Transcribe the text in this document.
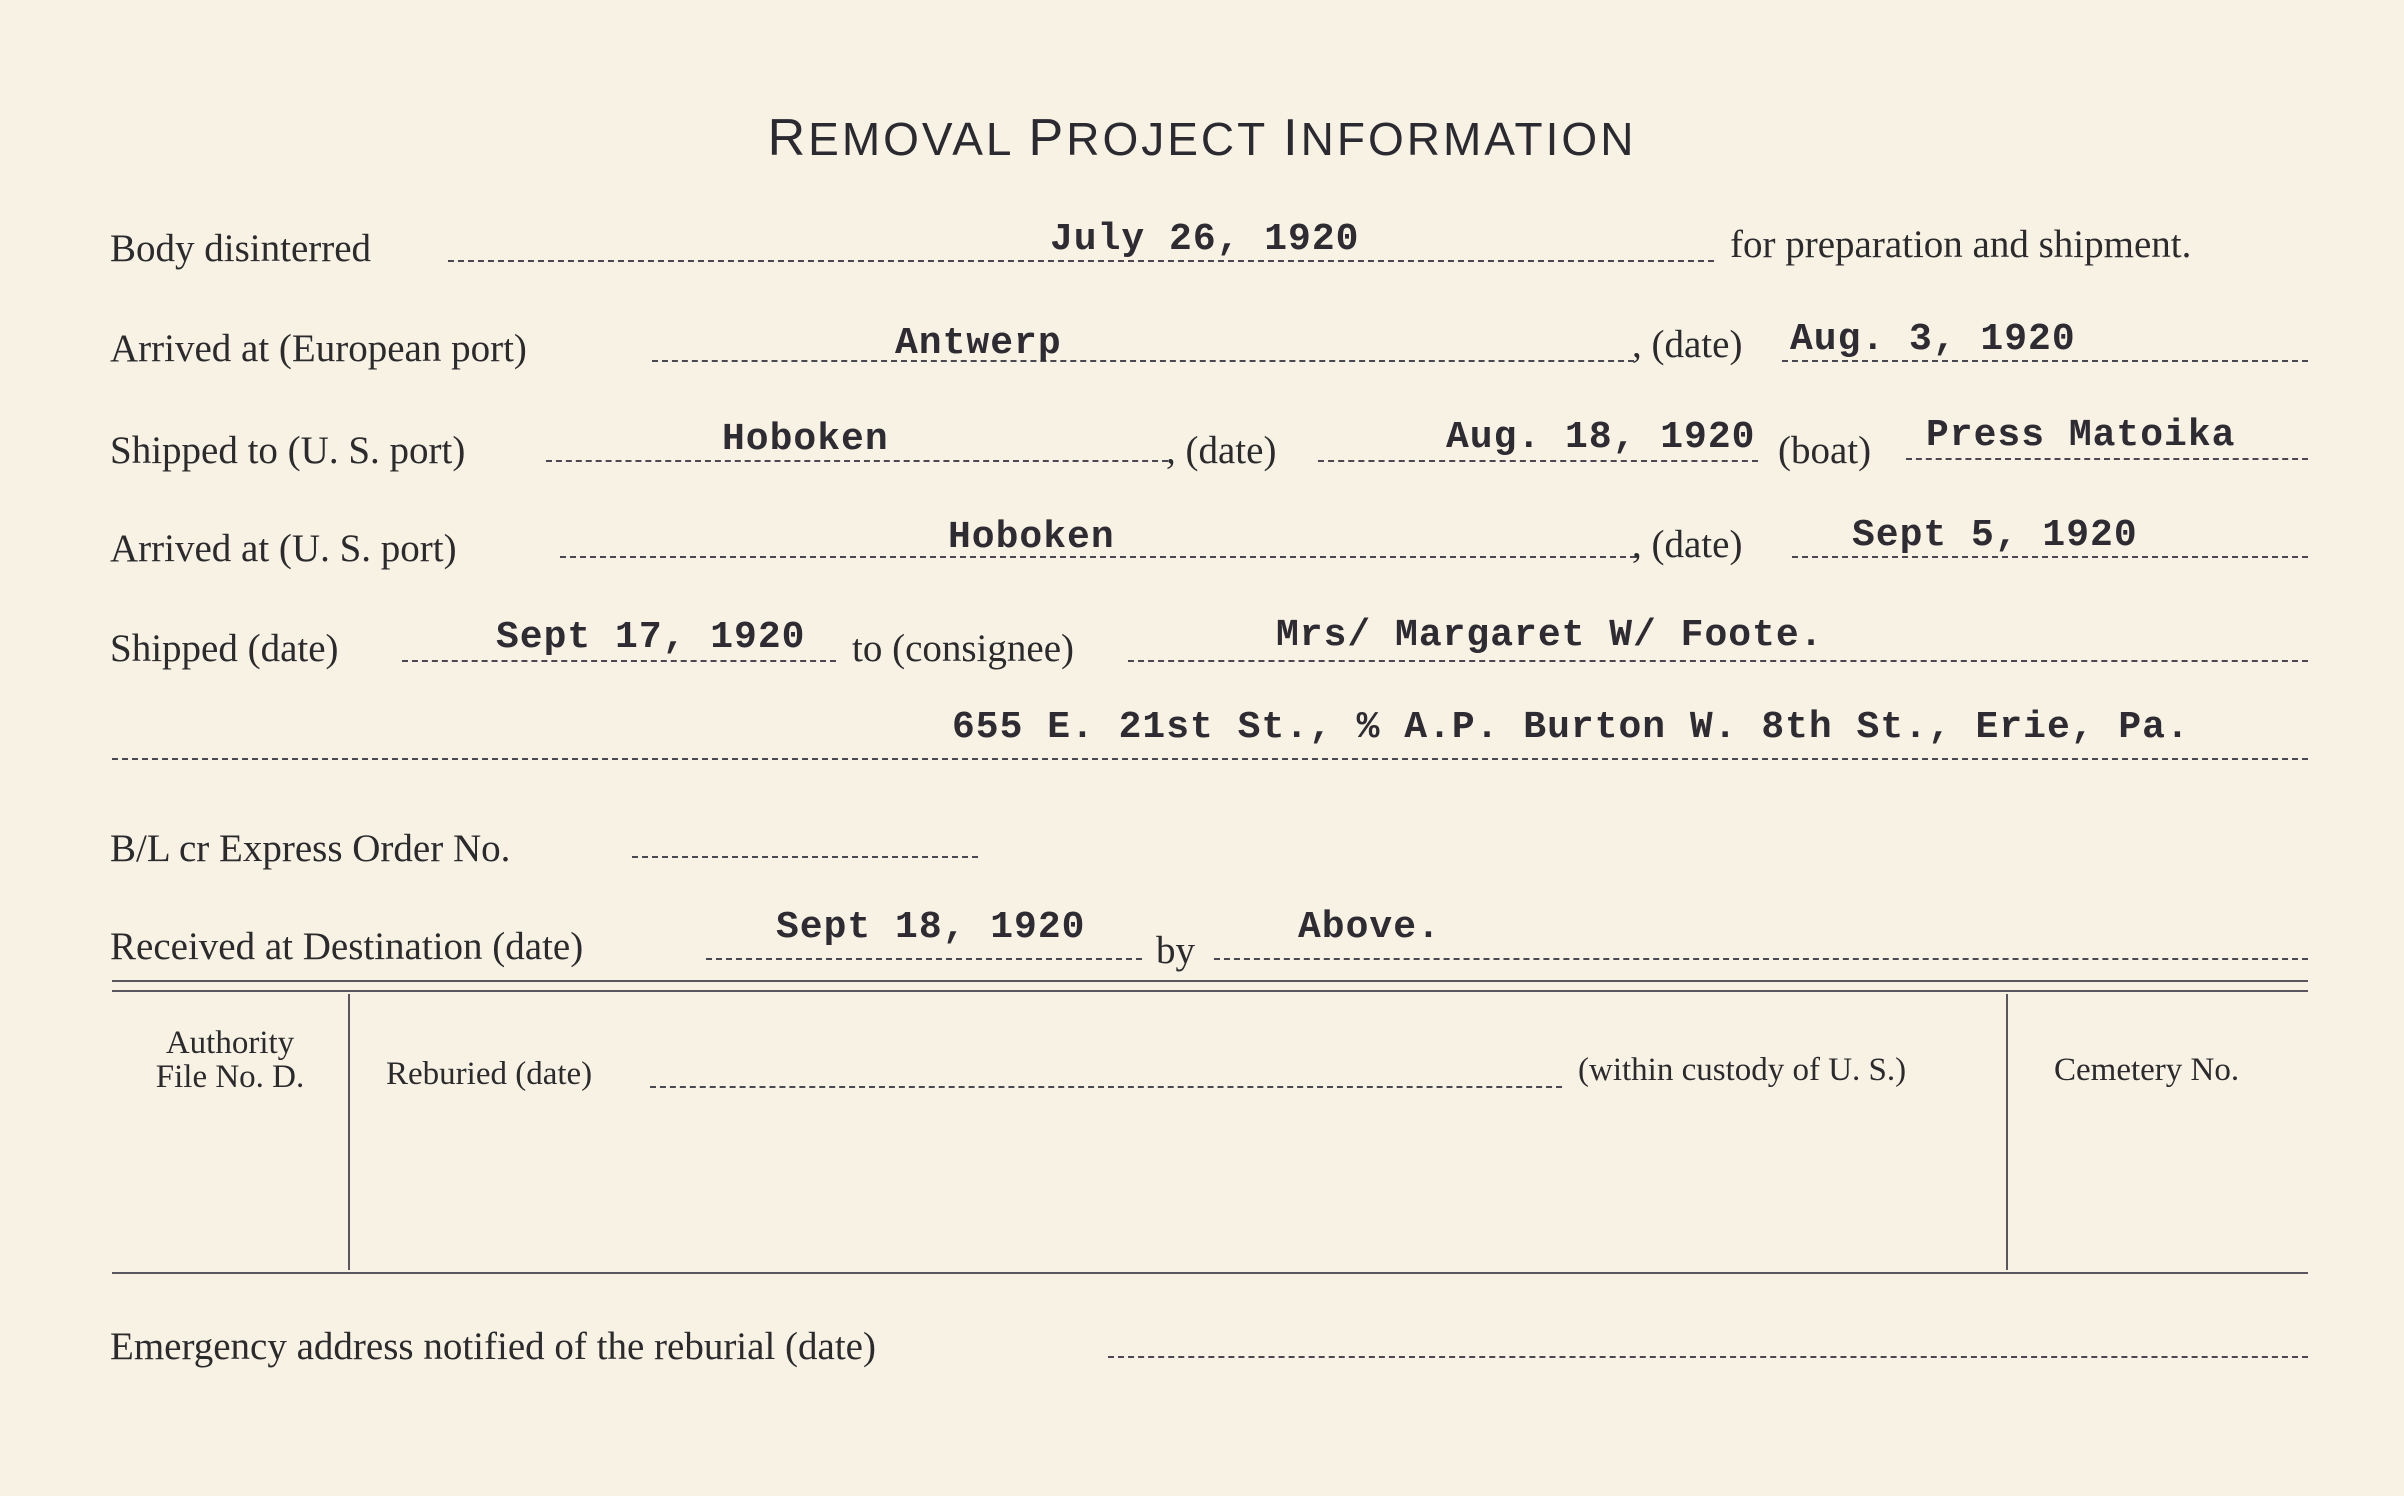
REMOVAL PROJECT INFORMATION
Body disinterred	July 26, 1920	for preparation and shipment.
Arrived at (European port)	Antwerp	, (date) Aug. 3, 1920
Shipped to (U. S. port)	Hoboken	, (date)	Aug. 18, 1920 (boat) Press Matoika
Arrived at (U. S. port)	Hoboken	, (date)	Sept 5, 1920
Shipped (date)	Sept 17, 1920 to (consignee)	Mrs/ Margaret W/ Foote.
655 E. 21st St., % A.P. Burton W. 8th St., Erie, Pa.
B/L cr Express Order No.
Received at Destination (date)	Sept 18, 1920
by
Above.
Authority
File No. D.	Reburied (date)	(within custody of U. S.)	Cemetery No.
Emergency address notified of the reburial (date)
